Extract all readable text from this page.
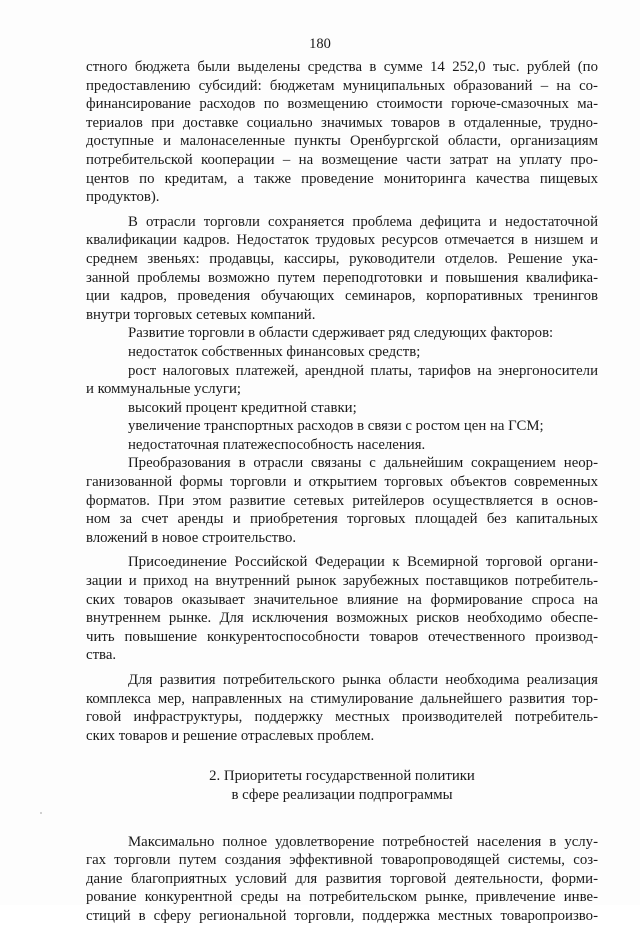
180
стного бюджета были выделены средства в сумме 14 252,0 тыс. рублей (по
предоставлению субсидий: бюджетам муниципальных образований – на со-
финансирование расходов по возмещению стоимости горюче-смазочных ма-
териалов при доставке социально значимых товаров в отдаленные, трудно-
доступные и малонаселенные пункты Оренбургской области, организациям
потребительской кооперации – на возмещение части затрат на уплату про-
центов по кредитам, а также проведение мониторинга качества пищевых
продуктов).
В отрасли торговли сохраняется проблема дефицита и недостаточной
квалификации кадров. Недостаток трудовых ресурсов отмечается в низшем и
среднем звеньях: продавцы, кассиры, руководители отделов. Решение ука-
занной проблемы возможно путем переподготовки и повышения квалифика-
ции кадров, проведения обучающих семинаров, корпоративных тренингов
внутри торговых сетевых компаний.
Развитие торговли в области сдерживает ряд следующих факторов:
недостаток собственных финансовых средств;
рост налоговых платежей, арендной платы, тарифов на энергоносители
и коммунальные услуги;
высокий процент кредитной ставки;
увеличение транспортных расходов в связи с ростом цен на ГСМ;
недостаточная платежеспособность населения.
Преобразования в отрасли связаны с дальнейшим сокращением неор-
ганизованной формы торговли и открытием торговых объектов современных
форматов. При этом развитие сетевых ритейлеров осуществляется в основ-
ном за счет аренды и приобретения торговых площадей без капитальных
вложений в новое строительство.
Присоединение Российской Федерации к Всемирной торговой органи-
зации и приход на внутренний рынок зарубежных поставщиков потребитель-
ских товаров оказывает значительное влияние на формирование спроса на
внутреннем рынке. Для исключения возможных рисков необходимо обеспе-
чить повышение конкурентоспособности товаров отечественного производ-
ства.
Для развития потребительского рынка области необходима реализация
комплекса мер, направленных на стимулирование дальнейшего развития тор-
говой инфраструктуры, поддержку местных производителей потребитель-
ских товаров и решение отраслевых проблем.
2. Приоритеты государственной политики
в сфере реализации подпрограммы
Максимально полное удовлетворение потребностей населения в услу-
гах торговли путем создания эффективной товаропроводящей системы, соз-
дание благоприятных условий для развития торговой деятельности, форми-
рование конкурентной среды на потребительском рынке, привлечение инве-
стиций в сферу региональной торговли, поддержка местных товаропроизво-
